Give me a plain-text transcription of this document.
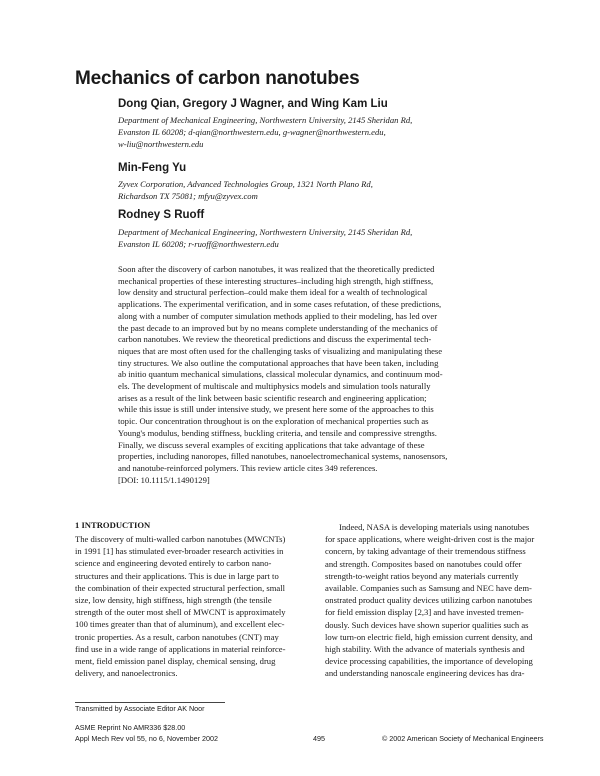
Mechanics of carbon nanotubes
Dong Qian, Gregory J Wagner, and Wing Kam Liu
Department of Mechanical Engineering, Northwestern University, 2145 Sheridan Rd,
Evanston IL 60208; d-qian@northwestern.edu, g-wagner@northwestern.edu,
w-liu@northwestern.edu
Min-Feng Yu
Zyvex Corporation, Advanced Technologies Group, 1321 North Plano Rd,
Richardson TX 75081; mfyu@zyvex.com
Rodney S Ruoff
Department of Mechanical Engineering, Northwestern University, 2145 Sheridan Rd,
Evanston IL 60208; r-ruoff@northwestern.edu
Soon after the discovery of carbon nanotubes, it was realized that the theoretically predicted
mechanical properties of these interesting structures–including high strength, high stiffness,
low density and structural perfection–could make them ideal for a wealth of technological
applications. The experimental verification, and in some cases refutation, of these predictions,
along with a number of computer simulation methods applied to their modeling, has led over
the past decade to an improved but by no means complete understanding of the mechanics of
carbon nanotubes. We review the theoretical predictions and discuss the experimental tech-
niques that are most often used for the challenging tasks of visualizing and manipulating these
tiny structures. We also outline the computational approaches that have been taken, including
ab initio quantum mechanical simulations, classical molecular dynamics, and continuum mod-
els. The development of multiscale and multiphysics models and simulation tools naturally
arises as a result of the link between basic scientific research and engineering application;
while this issue is still under intensive study, we present here some of the approaches to this
topic. Our concentration throughout is on the exploration of mechanical properties such as
Young's modulus, bending stiffness, buckling criteria, and tensile and compressive strengths.
Finally, we discuss several examples of exciting applications that take advantage of these
properties, including nanoropes, filled nanotubes, nanoelectromechanical systems, nanosensors,
and nanotube-reinforced polymers. This review article cites 349 references.
[DOI: 10.1115/1.1490129]
1 INTRODUCTION
The discovery of multi-walled carbon nanotubes (MWCNTs)
in 1991 [1] has stimulated ever-broader research activities in
science and engineering devoted entirely to carbon nano-
structures and their applications. This is due in large part to
the combination of their expected structural perfection, small
size, low density, high stiffness, high strength (the tensile
strength of the outer most shell of MWCNT is approximately
100 times greater than that of aluminum), and excellent elec-
tronic properties. As a result, carbon nanotubes (CNT) may
find use in a wide range of applications in material reinforce-
ment, field emission panel display, chemical sensing, drug
delivery, and nanoelectronics.
Indeed, NASA is developing materials using nanotubes
for space applications, where weight-driven cost is the major
concern, by taking advantage of their tremendous stiffness
and strength. Composites based on nanotubes could offer
strength-to-weight ratios beyond any materials currently
available. Companies such as Samsung and NEC have dem-
onstrated product quality devices utilizing carbon nanotubes
for field emission display [2,3] and have invested tremen-
dously. Such devices have shown superior qualities such as
low turn-on electric field, high emission current density, and
high stability. With the advance of materials synthesis and
device processing capabilities, the importance of developing
and understanding nanoscale engineering devices has dra-
Transmitted by Associate Editor AK Noor
ASME Reprint No AMR336 $28.00
Appl Mech Rev vol 55, no 6, November 2002	495	© 2002 American Society of Mechanical Engineers
